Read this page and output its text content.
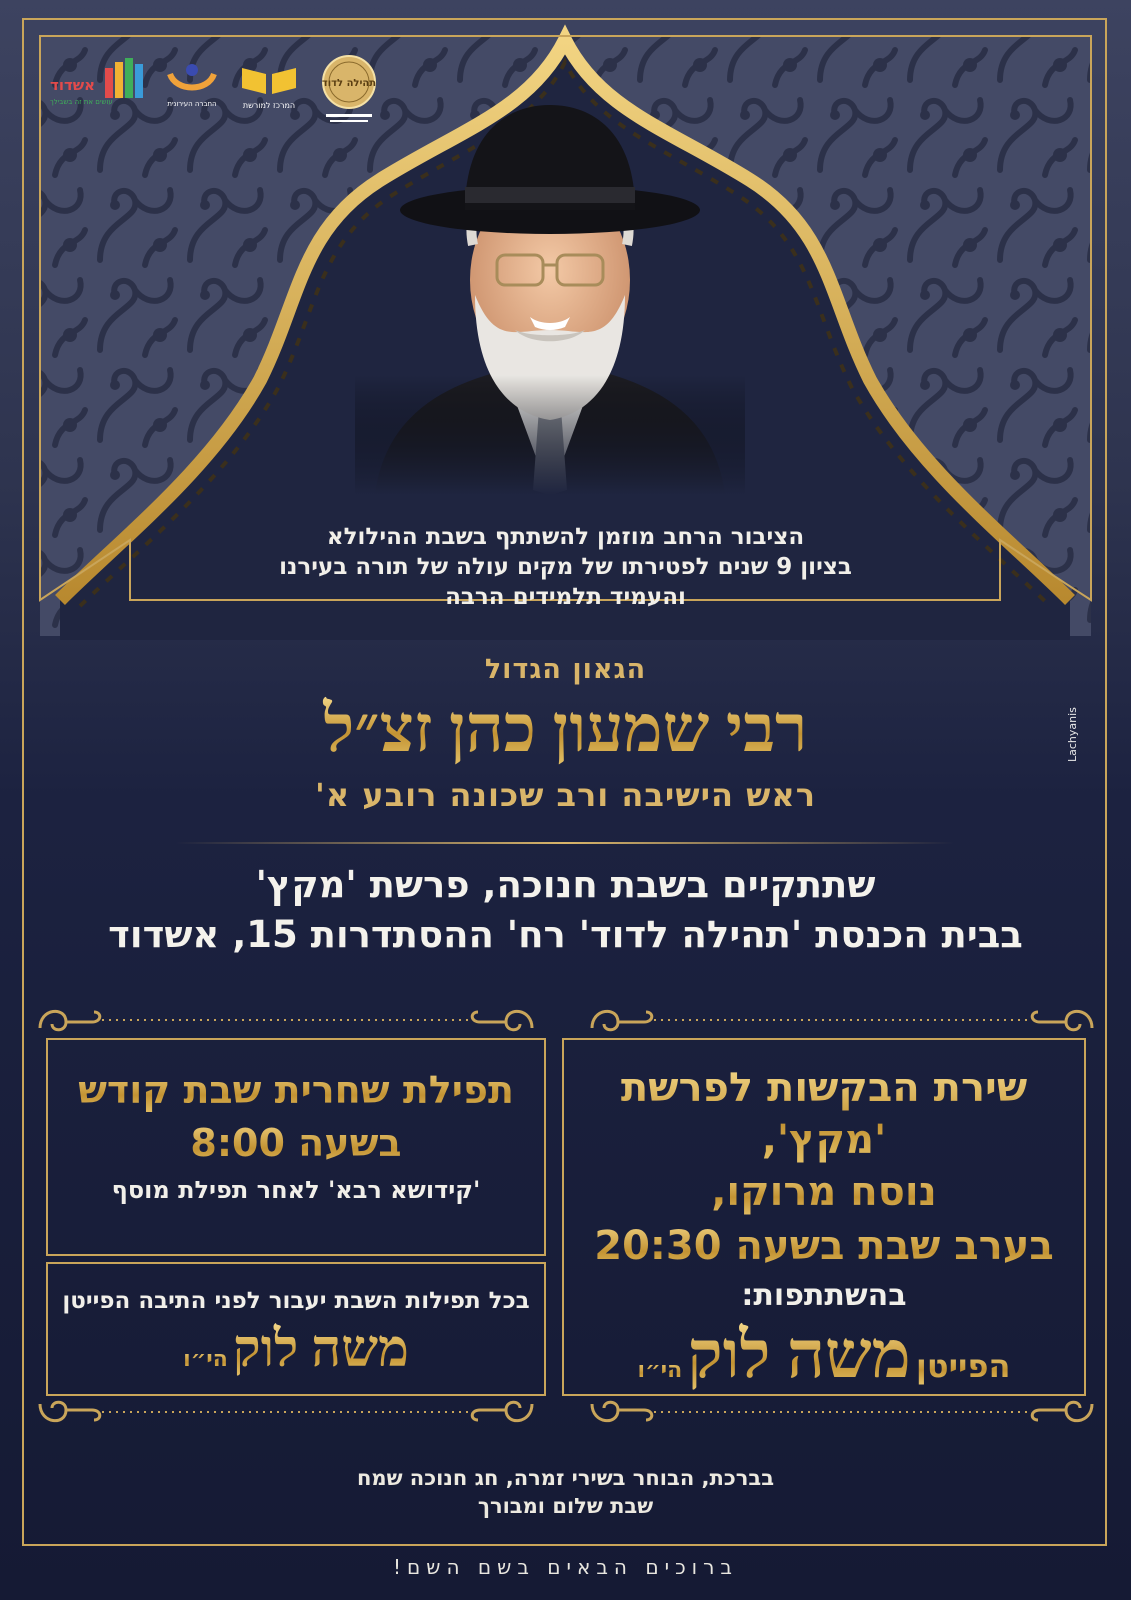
אשדוד
עושים את זה בשבילך	החברה העירונית	המרכז למורשת
תהילה לדוד
הציבור הרחב מוזמן להשתתף בשבת ההילולא
בציון 9 שנים לפטירתו של מקים עולה של תורה בעירנו
והעמיד תלמידים הרבה
הגאון הגדול
רבי שמעון כהן זצ״ל
ראש הישיבה ורב שכונה רובע א'
שתתקיים בשבת חנוכה, פרשת 'מקץ'
בבית הכנסת 'תהילה לדוד' רח' ההסתדרות 15, אשדוד
שירת הבקשות לפרשת 'מקץ',
נוסח מרוקו,
בערב שבת בשעה 20:30
בהשתתפות:
הפייטן משה לוק הי״ו
תפילת שחרית שבת קודש
בשעה 8:00
'קידושא רבא' לאחר תפילת מוסף
בכל תפילות השבת יעבור לפני התיבה הפייטן
משה לוק הי״ו
בברכת, הבוחר בשירי זמרה, חג חנוכה שמח
שבת שלום ומבורך
ברוכים הבאים בשם השם!
